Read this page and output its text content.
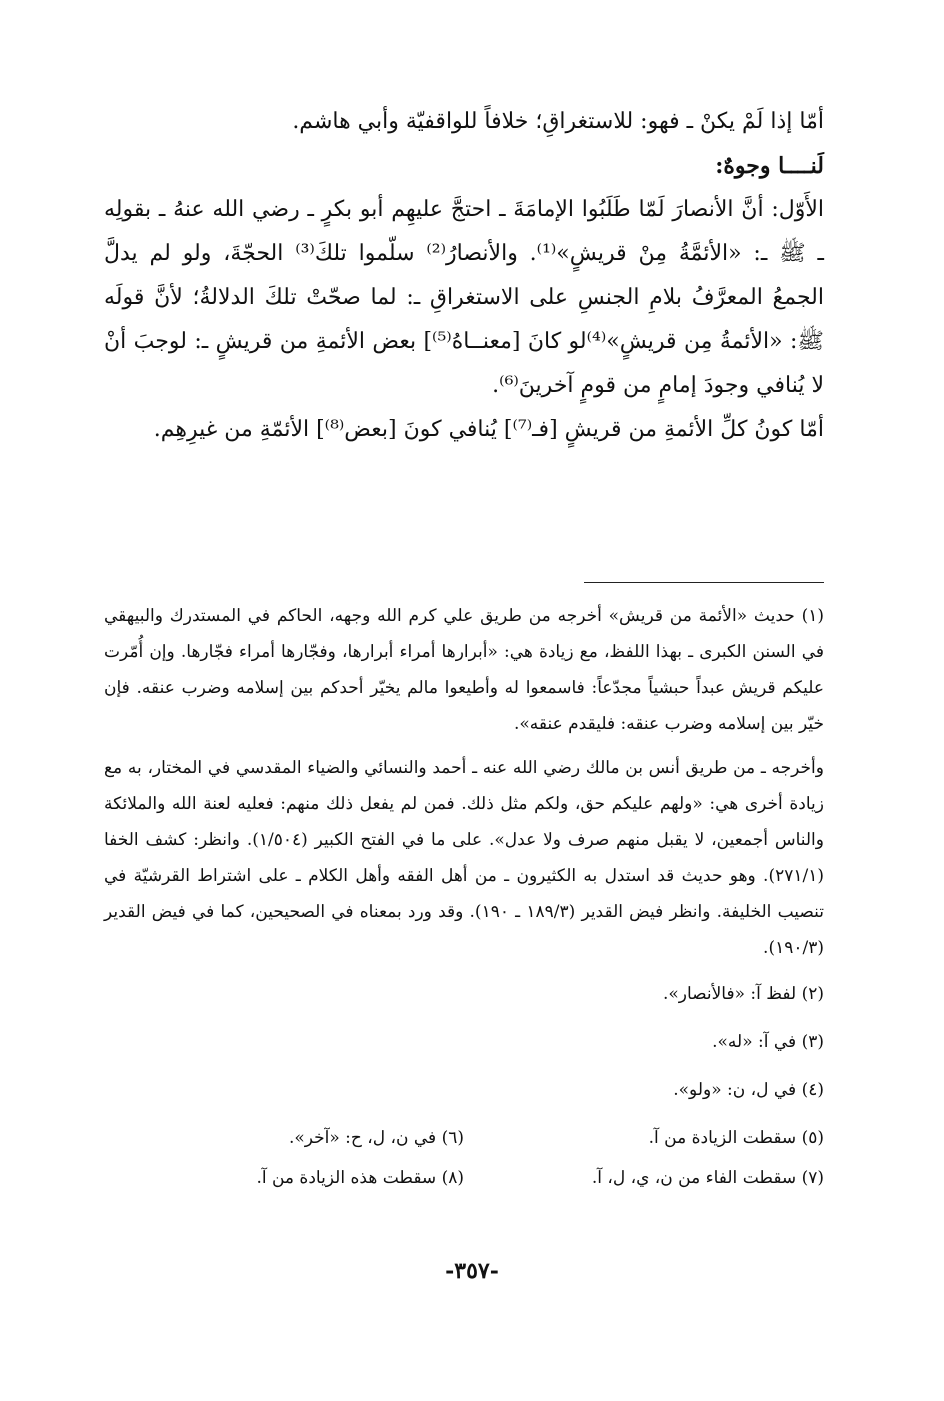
أمّا إذا لَمْ يكنْ ـ فهو: للاستغراقِ؛ خلافاً للواقفيّة وأبي هاشم.

لَنــــا وجوهٌ:

الأَوّل: أنَّ الأنصارَ لَمّا طَلَبُوا الإمامَةَ ـ احتجَّ عليهِم أبو بكرٍ ـ رضي الله عنهُ ـ بقولِه ـ ﷺ ـ: «الأئمَّةُ مِنْ قريشٍ»⁽¹⁾. والأنصارُ⁽²⁾ سلّموا تلكَ⁽³⁾ الحجّةَ، ولو لم يدلَّ الجمعُ المعرَّفُ بلامِ الجنسِ على الاستغراقِ ـ: لما صحّتْ تلكَ الدلالةُ؛ لأنَّ قولَه ﷺ: «الأئمةُ مِن قريشٍ»⁽⁴⁾لو كانَ [معنــاهُ⁽⁵⁾] بعض الأئمةِ من قريشٍ ـ: لوجبَ أنْ لا يُنافي وجودَ إمامٍ من قومٍ آخرينَ⁽⁶⁾.

أمّا كونُ كلِّ الأئمةِ من قريشٍ [فـ⁽⁷⁾] يُنافي كونَ [بعض⁽⁸⁾] الأئمّةِ من غيرِهِم.

(١) حديث «الأئمة من قريش» أخرجه من طريق علي كرم الله وجهه، الحاكم في المستدرك والبيهقي في السنن الكبرى ـ بهذا اللفظ، مع زيادة هي: «أبرارها أمراء أبرارها، وفجّارها أمراء فجّارها. وإن أُمّرت عليكم قريش عبداً حبشياً مجدّعاً: فاسمعوا له وأطيعوا مالم يخيّر أحدكم بين إسلامه وضرب عنقه. فإن خيّر بين إسلامه وضرب عنقه: فليقدم عنقه».

وأخرجه ـ من طريق أنس بن مالك رضي الله عنه ـ أحمد والنسائي والضياء المقدسي في المختار، به مع زيادة أخرى هي: «ولهم عليكم حق، ولكم مثل ذلك. فمن لم يفعل ذلك منهم: فعليه لعنة الله والملائكة والناس أجمعين، لا يقبل منهم صرف ولا عدل». على ما في الفتح الكبير (١/٥٠٤). وانظر: كشف الخفا (٢٧١/١). وهو حديث قد استدل به الكثيرون ـ من أهل الفقه وأهل الكلام ـ على اشتراط القرشيّة في تنصيب الخليفة. وانظر فيض القدير (١٨٩/٣ ـ ١٩٠). وقد ورد بمعناه في الصحيحين، كما في فيض القدير (١٩٠/٣).

(٢) لفظ آ: «فالأنصار».

(٣) في آ: «له».

(٤) في ل، ن: «ولو».

(٥) سقطت الزيادة من آ.
(٦) في ن، ل، ح: «آخر».
(٧) سقطت الفاء من ن، ي، ل، آ.
(٨) سقطت هذه الزيادة من آ.
-٣٥٧-
